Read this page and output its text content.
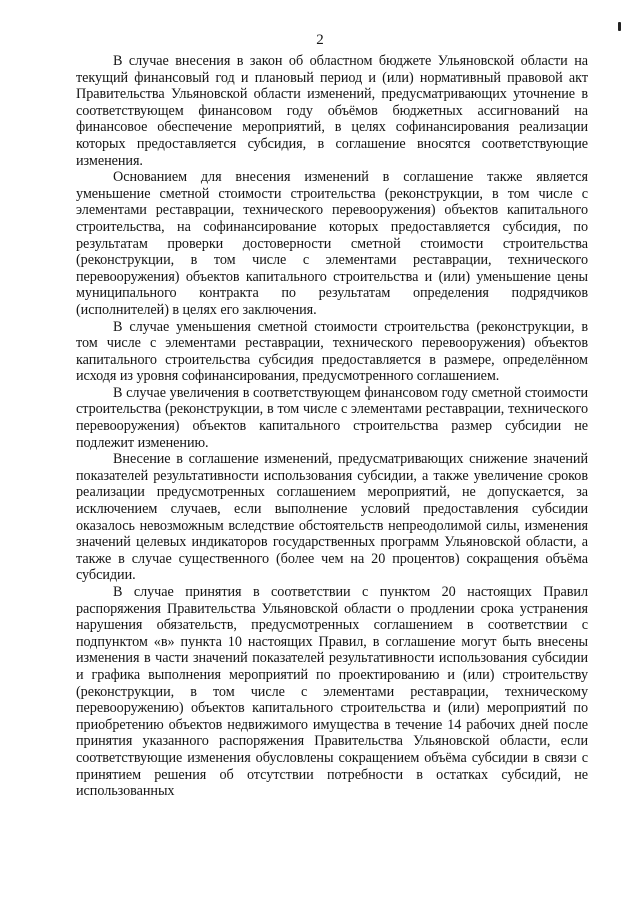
2

В случае внесения в закон об областном бюджете Ульяновской области на текущий финансовый год и плановый период и (или) нормативный правовой акт Правительства Ульяновской области изменений, предусматривающих уточнение в соответствующем финансовом году объёмов бюджетных ассигнований на финансовое обеспечение мероприятий, в целях софинансирования реализации которых предоставляется субсидия, в соглашение вносятся соответствующие изменения.

Основанием для внесения изменений в соглашение также является уменьшение сметной стоимости строительства (реконструкции, в том числе с элементами реставрации, технического перевооружения) объектов капитального строительства, на софинансирование которых предоставляется субсидия, по результатам проверки достоверности сметной стоимости строительства (реконструкции, в том числе с элементами реставрации, технического перевооружения) объектов капитального строительства и (или) уменьшение цены муниципального контракта по результатам определения подрядчиков (исполнителей) в целях его заключения.

В случае уменьшения сметной стоимости строительства (реконструкции, в том числе с элементами реставрации, технического перевооружения) объектов капитального строительства субсидия предоставляется в размере, определённом исходя из уровня софинансирования, предусмотренного соглашением.

В случае увеличения в соответствующем финансовом году сметной стоимости строительства (реконструкции, в том числе с элементами реставрации, технического перевооружения) объектов капитального строительства размер субсидии не подлежит изменению.

Внесение в соглашение изменений, предусматривающих снижение значений показателей результативности использования субсидии, а также увеличение сроков реализации предусмотренных соглашением мероприятий, не допускается, за исключением случаев, если выполнение условий предоставления субсидии оказалось невозможным вследствие обстоятельств непреодолимой силы, изменения значений целевых индикаторов государственных программ Ульяновской области, а также в случае существенного (более чем на 20 процентов) сокращения объёма субсидии.

В случае принятия в соответствии с пунктом 20 настоящих Правил распоряжения Правительства Ульяновской области о продлении срока устранения нарушения обязательств, предусмотренных соглашением в соответствии с подпунктом «в» пункта 10 настоящих Правил, в соглашение могут быть внесены изменения в части значений показателей результативности использования субсидии и графика выполнения мероприятий по проектированию и (или) строительству (реконструкции, в том числе с элементами реставрации, техническому перевооружению) объектов капитального строительства и (или) мероприятий по приобретению объектов недвижимого имущества в течение 14 рабочих дней после принятия указанного распоряжения Правительства Ульяновской области, если соответствующие изменения обусловлены сокращением объёма субсидии в связи с принятием решения об отсутствии потребности в остатках субсидий, не использованных
